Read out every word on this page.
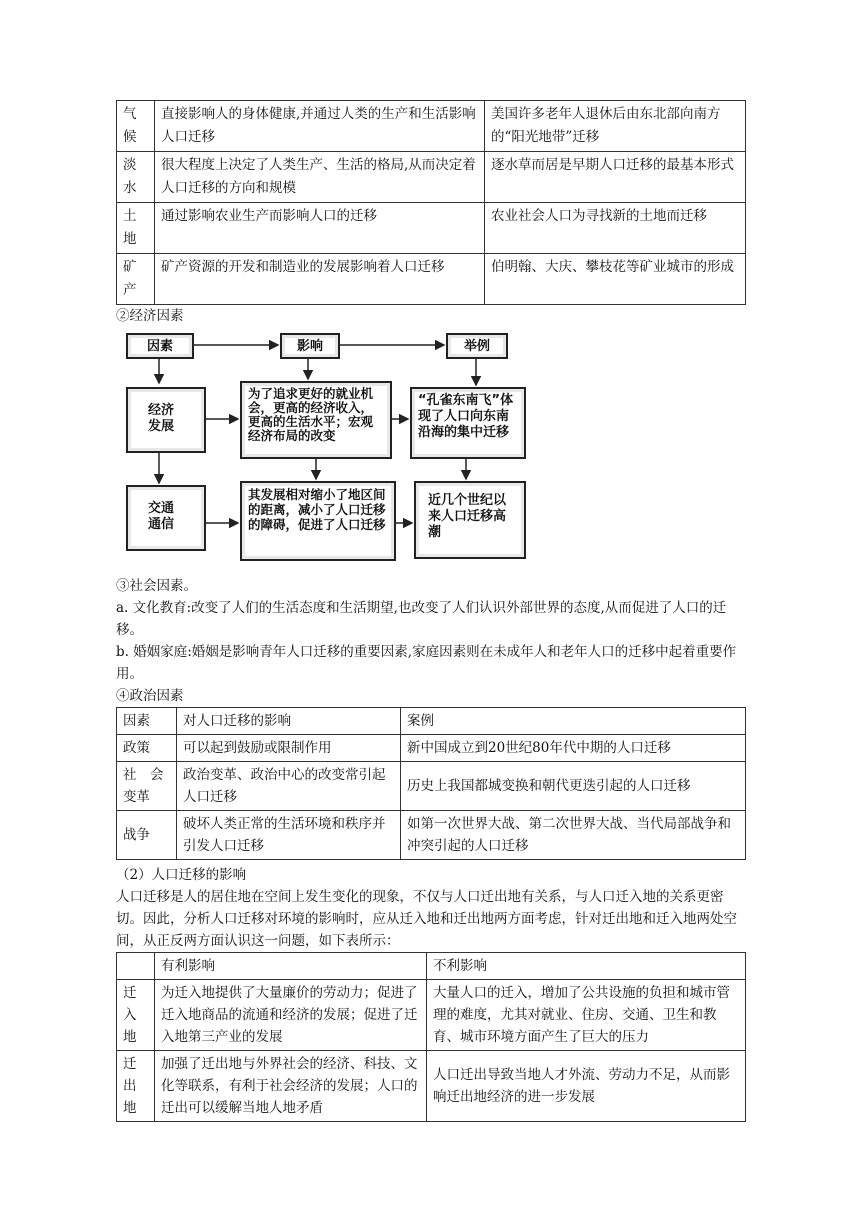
气候	直接影响人的身体健康,并通过人类的生产和生活影响人口迁移	美国许多老年人退休后由东北部向南方的“阳光地带”迁移
淡水	很大程度上决定了人类生产、生活的格局,从而决定着人口迁移的方向和规模	逐水草而居是早期人口迁移的最基本形式
土地	通过影响农业生产而影响人口的迁移	农业社会人口为寻找新的土地而迁移
矿产	矿产资源的开发和制造业的发展影响着人口迁移	伯明翰、大庆、攀枝花等矿业城市的形成
②经济因素
因素	影响	举例
经济发展
为了追求更好的就业机会，更高的经济收入，更高的生活水平；宏观经济布局的改变
“孔雀东南飞”体现了人口向东南沿海的集中迁移
交通通信
其发展相对缩小了地区间的距离，减小了人口迁移的障碍，促进了人口迁移
近几个世纪以来人口迁移高潮
③社会因素。
a. 文化教育:改变了人们的生活态度和生活期望,也改变了人们认识外部世界的态度,从而促进了人口的迁移。
b. 婚姻家庭:婚姻是影响青年人口迁移的重要因素,家庭因素则在未成年人和老年人口的迁移中起着重要作用。
④政治因素
因素	对人口迁移的影响	案例
政策	可以起到鼓励或限制作用	新中国成立到20世纪80年代中期的人口迁移
社　会变革	政治变革、政治中心的改变常引起人口迁移	历史上我国都城变换和朝代更迭引起的人口迁移
战争	破坏人类正常的生活环境和秩序并引发人口迁移	如第一次世界大战、第二次世界大战、当代局部战争和冲突引起的人口迁移
（2）人口迁移的影响
人口迁移是人的居住地在空间上发生变化的现象，不仅与人口迁出地有关系，与人口迁入地的关系更密切。因此，分析人口迁移对环境的影响时，应从迁入地和迁出地两方面考虑，针对迁出地和迁入地两处空间，从正反两方面认识这一问题，如下表所示：
	有利影响	不利影响
迁入地	为迁入地提供了大量廉价的劳动力；促进了迁入地商品的流通和经济的发展；促进了迁入地第三产业的发展	大量人口的迁入，增加了公共设施的负担和城市管理的难度，尤其对就业、住房、交通、卫生和教育、城市环境方面产生了巨大的压力
迁出地	加强了迁出地与外界社会的经济、科技、文化等联系，有利于社会经济的发展；人口的迁出可以缓解当地人地矛盾	人口迁出导致当地人才外流、劳动力不足，从而影响迁出地经济的进一步发展
